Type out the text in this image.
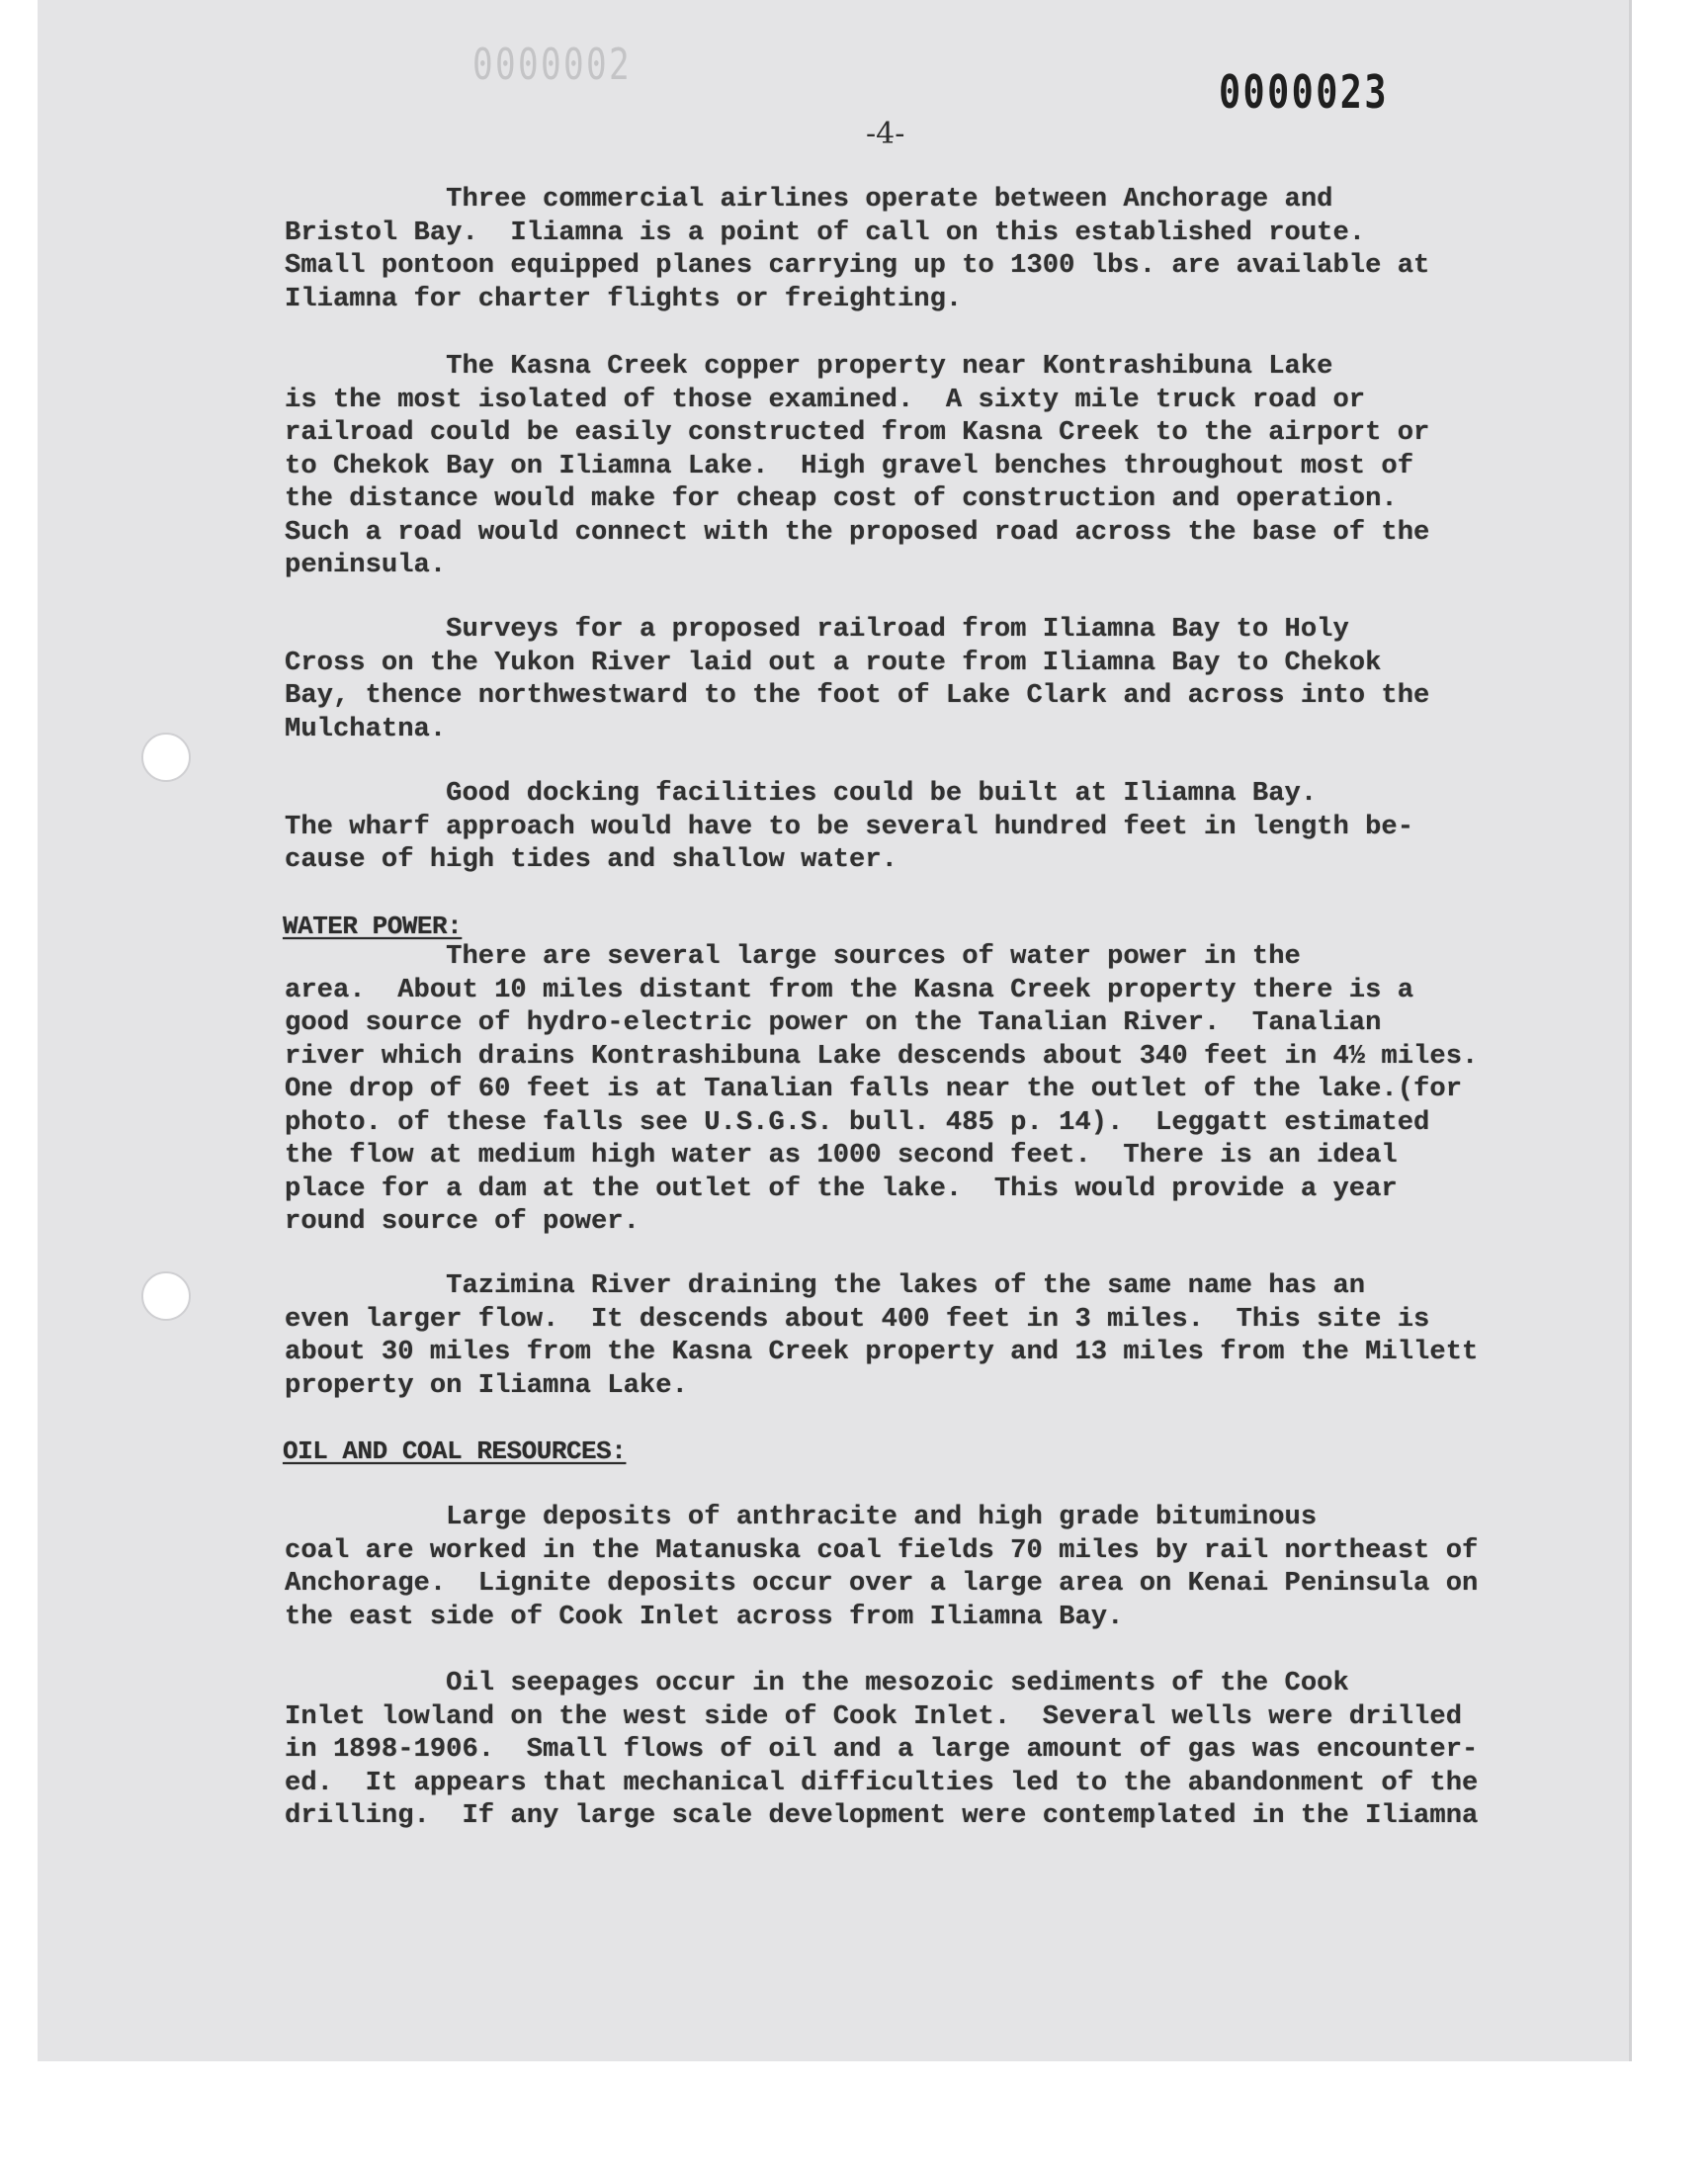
0000002
0000023
-4-

Three commercial airlines operate between Anchorage and
Bristol Bay.  Iliamna is a point of call on this established route.
Small pontoon equipped planes carrying up to 1300 lbs. are available at
Iliamna for charter flights or freighting.

The Kasna Creek copper property near Kontrashibuna Lake
is the most isolated of those examined.  A sixty mile truck road or
railroad could be easily constructed from Kasna Creek to the airport or
to Chekok Bay on Iliamna Lake.  High gravel benches throughout most of
the distance would make for cheap cost of construction and operation.
Such a road would connect with the proposed road across the base of the
peninsula.

Surveys for a proposed railroad from Iliamna Bay to Holy
Cross on the Yukon River laid out a route from Iliamna Bay to Chekok
Bay, thence northwestward to the foot of Lake Clark and across into the
Mulchatna.

Good docking facilities could be built at Iliamna Bay.
The wharf approach would have to be several hundred feet in length be-
cause of high tides and shallow water.

WATER POWER:

There are several large sources of water power in the
area.  About 10 miles distant from the Kasna Creek property there is a
good source of hydro-electric power on the Tanalian River.  Tanalian
river which drains Kontrashibuna Lake descends about 340 feet in 4½ miles.
One drop of 60 feet is at Tanalian falls near the outlet of the lake.(for
photo. of these falls see U.S.G.S. bull. 485 p. 14).  Leggatt estimated
the flow at medium high water as 1000 second feet.  There is an ideal
place for a dam at the outlet of the lake.  This would provide a year
round source of power.

Tazimina River draining the lakes of the same name has an
even larger flow.  It descends about 400 feet in 3 miles.  This site is
about 30 miles from the Kasna Creek property and 13 miles from the Millett
property on Iliamna Lake.

OIL AND COAL RESOURCES:

Large deposits of anthracite and high grade bituminous
coal are worked in the Matanuska coal fields 70 miles by rail northeast of
Anchorage.  Lignite deposits occur over a large area on Kenai Peninsula on
the east side of Cook Inlet across from Iliamna Bay.

Oil seepages occur in the mesozoic sediments of the Cook
Inlet lowland on the west side of Cook Inlet.  Several wells were drilled
in 1898-1906.  Small flows of oil and a large amount of gas was encounter-
ed.  It appears that mechanical difficulties led to the abandonment of the
drilling.  If any large scale development were contemplated in the Iliamna
